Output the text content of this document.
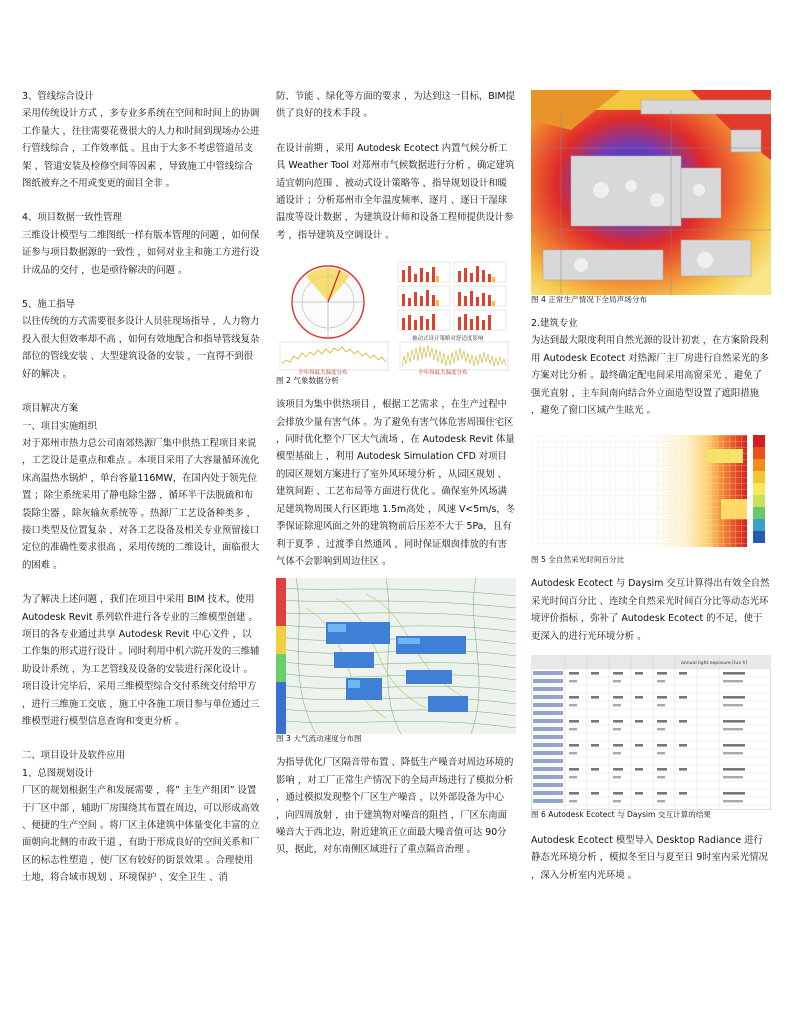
3、管线综合设计

采用传统设计方式 ，多专业多系统在空间和时间上的协调工作量大 ，往往需要花费很大的人力和时间到现场办公进行管线综合 ，工作效率低 。且由于大多不考虑管道吊支架 、管道安装及检修空间等因素 ，导致施工中管线综合图纸被弃之不用或变更的面目全非 。

4、项目数据一致性管理

三维设计模型与二维图纸一样有版本管理的问题 ，如何保证参与项目数据源的一致性 ，如何对业主和施工方进行设计成品的交付 ，也是亟待解决的问题 。

5、施工指导

以往传统的方式需要很多设计人员驻现场指导 ，人力物力投入很大但效率却不高 ，如何有效地配合和指导管线复杂部位的管线安装 、大型建筑设备的安装 ，一直得不到很好的解决 。

项目解决方案

一、项目实施组织

对于郑州市热力总公司南郊热源厂集中供热工程项目来说 ，工艺设计是重点和难点 。本项目采用了大容量循环流化床高温热水锅炉 ，单台容量116MW，在国内处于领先位置 ；除尘系统采用了静电除尘器 ，循环半干法脱硫和布袋除尘器 ，除灰输灰系统等 。热源厂工艺设备种类多 ，接口类型及位置复杂 ，对各工艺设备及相关专业预留接口定位的准确性要求很高 ，采用传统的二维设计，面临很大的困难 。

为了解决上述问题 ，我们在项目中采用 BIM 技术，使用 Autodesk Revit 系列软件进行各专业的三维模型创建 。项目的各专业通过共享 Autodesk Revit 中心文件 ，以工作集的形式进行设计 。同时利用中机六院开发的三维辅助设计系统 ，为工艺管线及设备的安装进行深化设计 。项目设计完毕后，采用三维模型综合交付系统交付给甲方 ，进行三维施工交底 ，施工中各施工项目参与单位通过三维模型进行模型信息查询和变更分析 。

二、项目设计及软件应用

1、总图规划设计

厂区的规划根据生产和发展需要 ，将” 主生产组团” 设置于厂区中部 ，辅助厂房围绕其布置在周边，可以形成高效 、便捷的生产空间 。将厂区主体建筑中体量变化丰富的立面朝向北侧的市政干道 ，有助于形成良好的空间关系和厂区的标志性塑造 ，使厂区有较好的街景效果 。合理使用土地，将合域市规划 、环境保护 、安全卫生 、消

防、节能 、绿化等方面的要求 ，为达到这一目标，BIM提供了良好的技术手段 。

在设计前期 ，采用 Autodesk Ecotect 内置气候分析工具 Weather Tool 对郑州市气候数据进行分析 ，确定建筑适宜朝向范围 、被动式设计策略等 ，指导规划设计和暖通设计 ；分析郑州市全年温度频率、逐月 、逐日干湿球温度等设计数据 ，为建筑设计师和设备工程师提供设计参考 ，指导建筑及空调设计 。

被动式设计策略对舒适度影响
全年周最大温度分布	全年周最大温度分布

图 2 气象数据分析

该项目为集中供热项目 ，根据工艺需求 ，在生产过程中会排放少量有害气体 。为了避免有害气体危害周围住宅区 ，同时优化整个厂区大气流场 ，在 Autodesk Revit 体量模型基础上 ，利用 Autodesk Simulation CFD 对项目的园区规划方案进行了室外风环境分析 ，从园区规划 、建筑间距 、工艺布局等方面进行优化 。确保室外风场满足建筑物周围人行区距地 1.5m高处 ，风速 V<5m/s，冬季保证除迎风面之外的建筑物前后压差不大于 5Pa，且有利于夏季 、过渡季自然通风 ，同时保证烟囱排放的有害气体不会影响到周边住区 。

图 3 大气流动速度分布图

为指导优化厂区隔音带布置 、降低生产噪音对周边环境的影响 ，对工厂正常生产情况下的全局声场进行了模拟分析 ，通过模拟发现整个厂区生产噪音 ，以外部设备为中心 ，向四周放射 ，由于建筑物对噪音的阻挡 ，厂区东南面噪音大于西北边，附近建筑正立面最大噪音值可达 90分贝，据此，对东南侧区域进行了重点隔音治理 。

图 4 正常生产情况下全局声场分布

2.建筑专业

为达到最大限度利用自然光源的设计初衷 ，在方案阶段利用 Autodesk Ecotect 对热源厂主厂房进行自然采光的多方案对比分析 。最终确定配电间采用高窗采光 ，避免了强光直射 ，主车间南向结合外立面造型设置了遮阳措施 ，避免了窗口区域产生眩光 。

图 5 全自然采光时间百分比

Autodesk Ecotect 与 Daysim 交互计算得出有效全自然采光时间百分比 、连续全自然采光时间百分比等动态光环境评价指标 ，弥补了 Autodesk Ecotect 的不足，使于更深入的进行光环境分析 。

annual light exposure [lux h]

图 6 Autodesk Ecotect 与 Daysim 交互计算的结果

Autodesk Ecotect 模型导入 Desktop Radiance 进行静态光环境分析 ，模拟冬至日与夏至日 9时室内采光情况 ，深入分析室内光环境 。
